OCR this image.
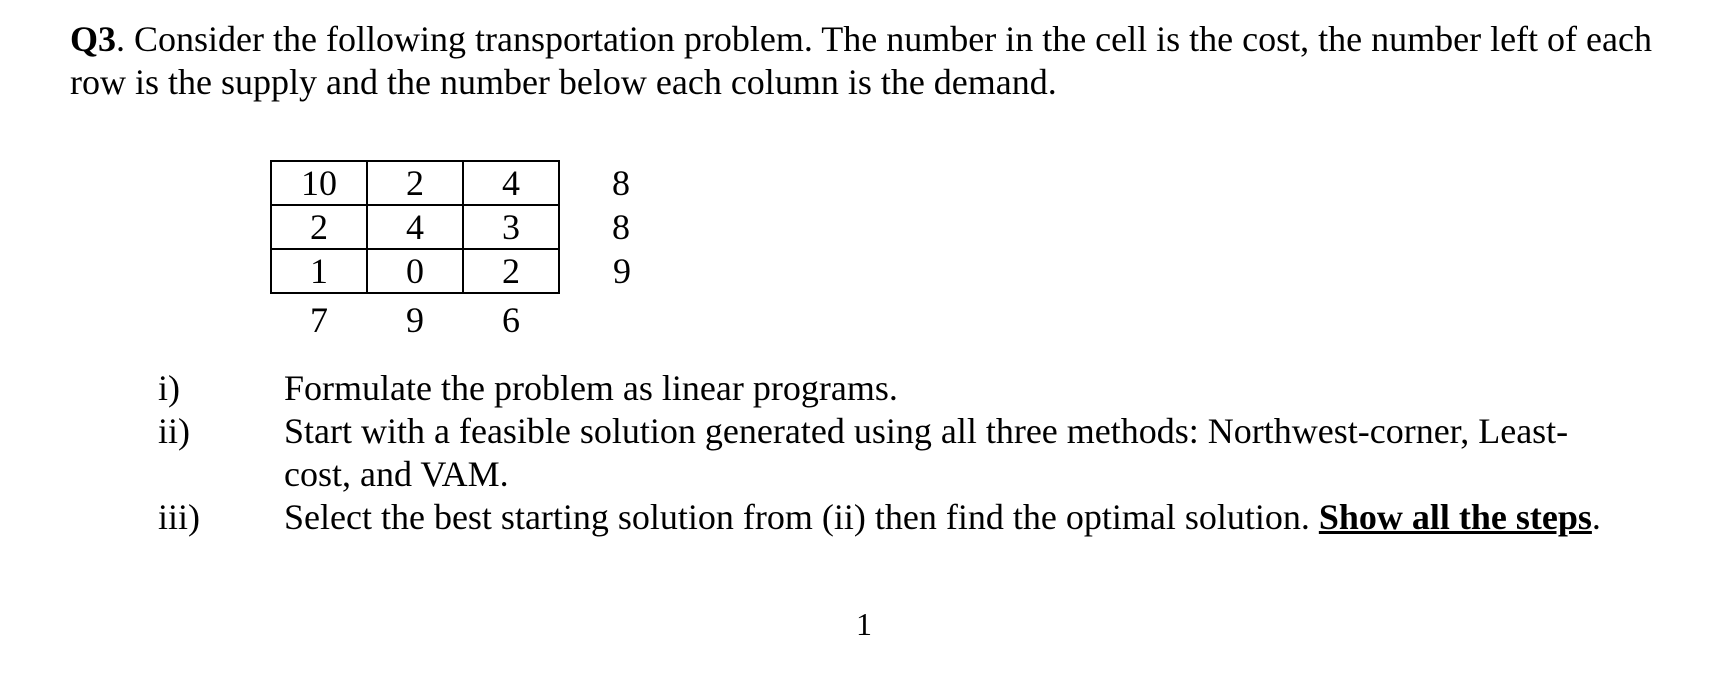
Q3. Consider the following transportation problem. The number in the cell is the cost, the number left of each row is the supply and the number below each column is the demand.
10	2	4	8
2	4	3	8
1	0	2	9
7	9	6	
i)	Formulate the problem as linear programs.
ii)	Start with a feasible solution generated using all three methods: Northwest-corner, Least-cost, and VAM.
iii) Select the best starting solution from (ii) then find the optimal solution. Show all the steps.
1
